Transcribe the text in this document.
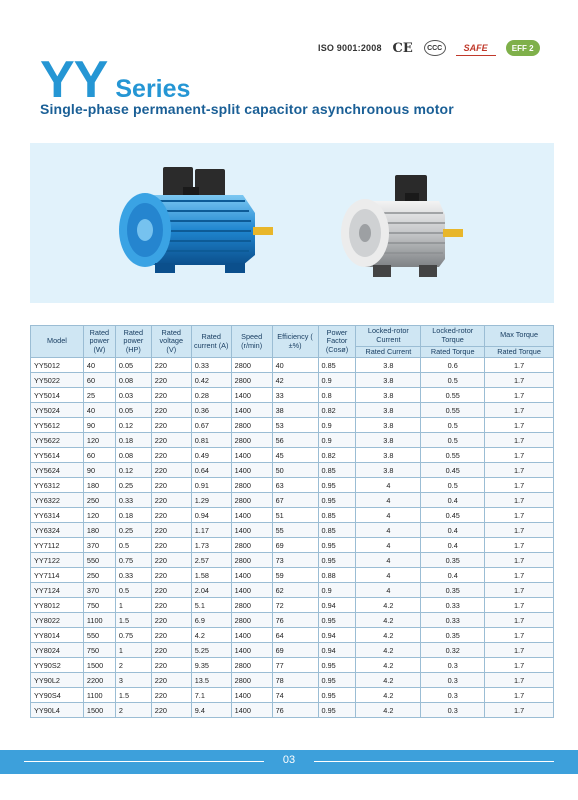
ISO 9001:2008 CE	CCC	SAFE	EFF 2
YY Series
Single-phase permanent-split capacitor asynchronous motor
Model	Rated power (W)	Rated power (HP)	Rated voltage (V)	Rated current (A)	Speed (r/min)	Efficiency ( ±%)	Power Factor (Cosø)	Locked-rotor Current	Locked-rotor Torque	Max Torque
								Rated Current	Rated Torque	Rated Torque
YY5012	40	0.05	220	0.33	2800	40	0.85	3.8	0.6	1.7
YY5022	60	0.08	220	0.42	2800	42	0.9	3.8	0.5	1.7
YY5014	25	0.03	220	0.28	1400	33	0.8	3.8	0.55	1.7
YY5024	40	0.05	220	0.36	1400	38	0.82	3.8	0.55	1.7
YY5612	90	0.12	220	0.67	2800	53	0.9	3.8	0.5	1.7
YY5622	120	0.18	220	0.81	2800	56	0.9	3.8	0.5	1.7
YY5614	60	0.08	220	0.49	1400	45	0.82	3.8	0.55	1.7
YY5624	90	0.12	220	0.64	1400	50	0.85	3.8	0.45	1.7
YY6312	180	0.25	220	0.91	2800	63	0.95	4	0.5	1.7
YY6322	250	0.33	220	1.29	2800	67	0.95	4	0.4	1.7
YY6314	120	0.18	220	0.94	1400	51	0.85	4	0.45	1.7
YY6324	180	0.25	220	1.17	1400	55	0.85	4	0.4	1.7
YY7112	370	0.5	220	1.73	2800	69	0.95	4	0.4	1.7
YY7122	550	0.75	220	2.57	2800	73	0.95	4	0.35	1.7
YY7114	250	0.33	220	1.58	1400	59	0.88	4	0.4	1.7
YY7124	370	0.5	220	2.04	1400	62	0.9	4	0.35	1.7
YY8012	750	1	220	5.1	2800	72	0.94	4.2	0.33	1.7
YY8022	1100	1.5	220	6.9	2800	76	0.95	4.2	0.33	1.7
YY8014	550	0.75	220	4.2	1400	64	0.94	4.2	0.35	1.7
YY8024	750	1	220	5.25	1400	69	0.94	4.2	0.32	1.7
YY90S2	1500	2	220	9.35	2800	77	0.95	4.2	0.3	1.7
YY90L2	2200	3	220	13.5	2800	78	0.95	4.2	0.3	1.7
YY90S4	1100	1.5	220	7.1	1400	74	0.95	4.2	0.3	1.7
YY90L4	1500	2	220	9.4	1400	76	0.95	4.2	0.3	1.7
03
